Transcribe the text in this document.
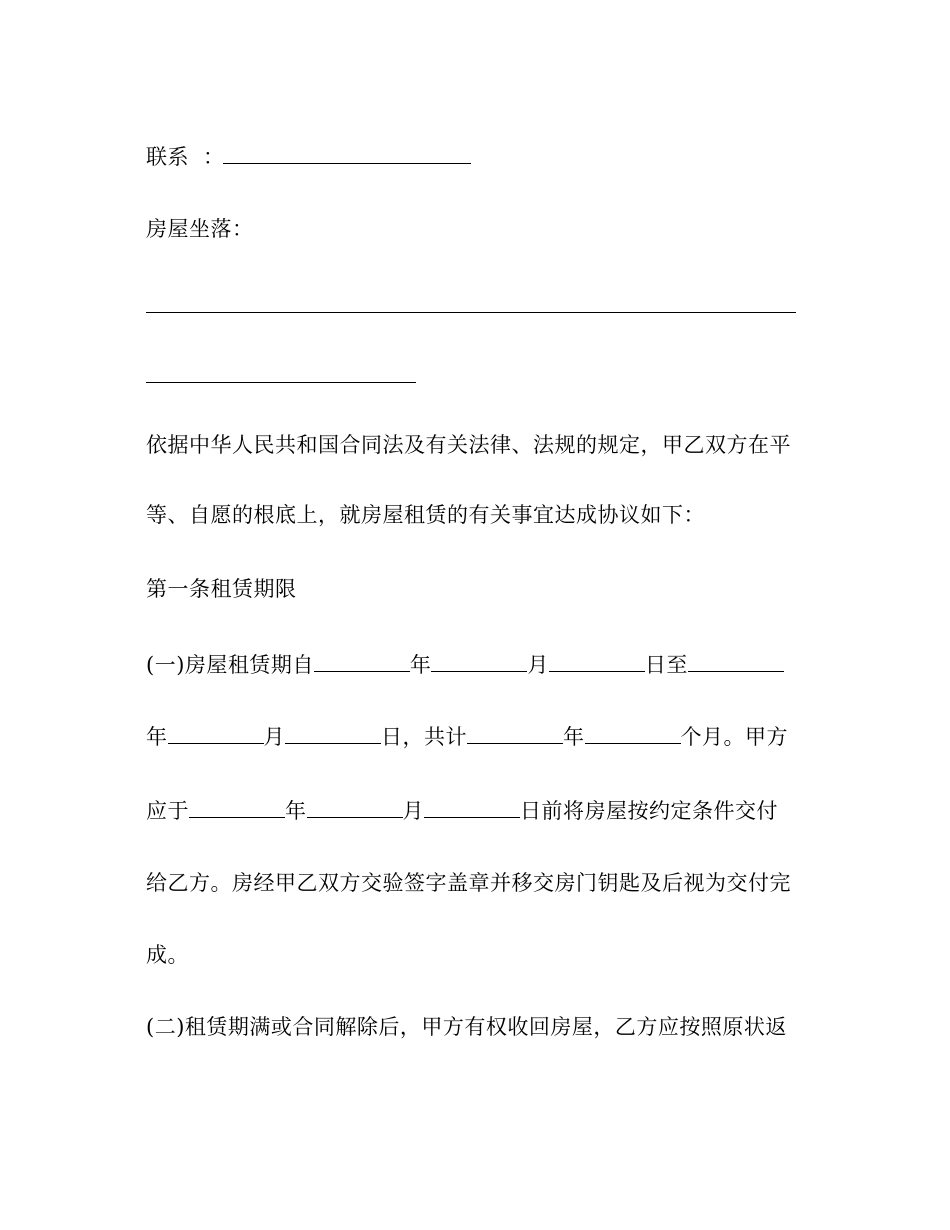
联系 ：
房屋坐落：
依据中华人民共和国合同法及有关法律、法规的规定，甲乙双方在平
等、自愿的根底上，就房屋租赁的有关事宜达成协议如下：
第一条租赁期限
(一)房屋租赁期自	年	月	日至
年	月	日，共计	年	个月。甲方
应于	年	月	日前将房屋按约定条件交付
给乙方。房经甲乙双方交验签字盖章并移交房门钥匙及后视为交付完
成。
(二)租赁期满或合同解除后，甲方有权收回房屋，乙方应按照原状返
